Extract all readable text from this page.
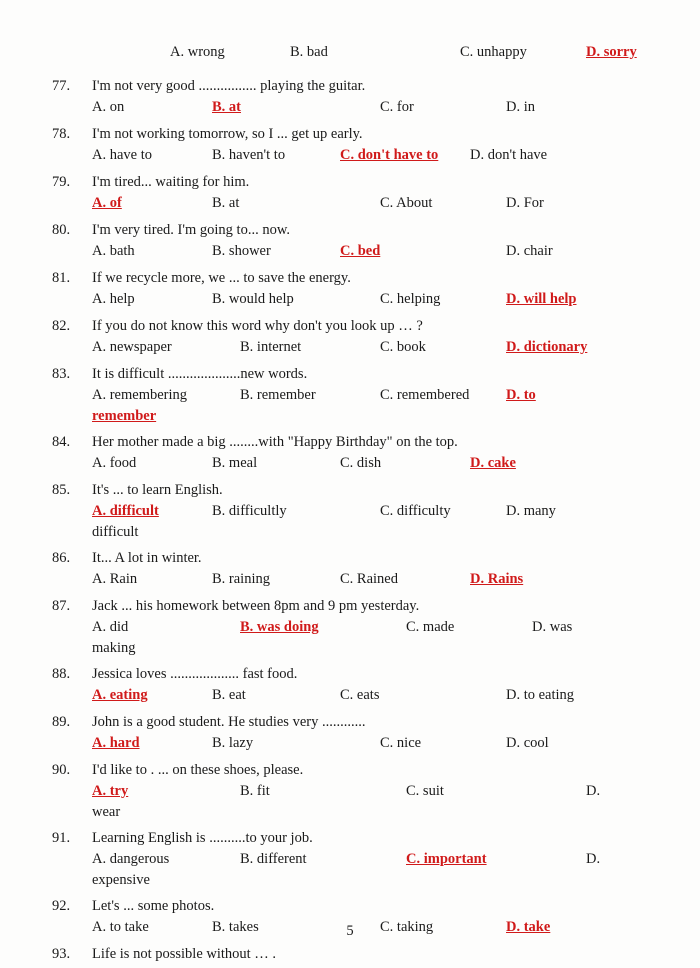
A. wrong	B. bad	C. unhappy	D. sorry
77.	I'm not very good ................ playing the guitar.
A. on	B. at	C. for	D. in
78.	I'm not working tomorrow, so I ... get up early.
A. have to	B. haven't to	C. don't have to D. don't have
79.	I'm tired... waiting for him.
A. of	B. at	C. About	D. For
80.	I'm very tired. I'm going to... now.
A. bath	B. shower	C. bed	D. chair
81.	If we recycle more, we ... to save the energy.
A. help	B. would help	C. helping	D. will help
82.	If you do not know this word why don't you look up … ?
A. newspaper	B. internet	C. book	D. dictionary
83.	It is difficult ....................new words.
A. remembering	B. remember	C. remembered	D. to
remember
84.	Her mother made a big ........with "Happy Birthday" on the top.
A. food	B. meal	C. dish	D. cake
85.	It's ... to learn English.
A. difficult	B. difficultly	C. difficulty	D. many
difficult
86.	It... A lot in winter.
A. Rain	B. raining	C. Rained	D. Rains
87.	Jack ... his homework between 8pm and 9 pm yesterday.
A. did	B. was doing	C. made	D. was
making
88.	Jessica loves ................... fast food.
A. eating	B. eat	C. eats	D. to eating
89.	John is a good student. He studies very ............
A. hard	B. lazy	C. nice	D. cool
90.	I'd like to . ... on these shoes, please.
A. try	B. fit	C. suit	D.
wear
91.	Learning English is ..........to your job.
A. dangerous	B. different	C. important	D.
expensive
92.	Let's ... some photos.
A. to take	B. takes	C. taking	D. take
93.	Life is not possible without … .
5
